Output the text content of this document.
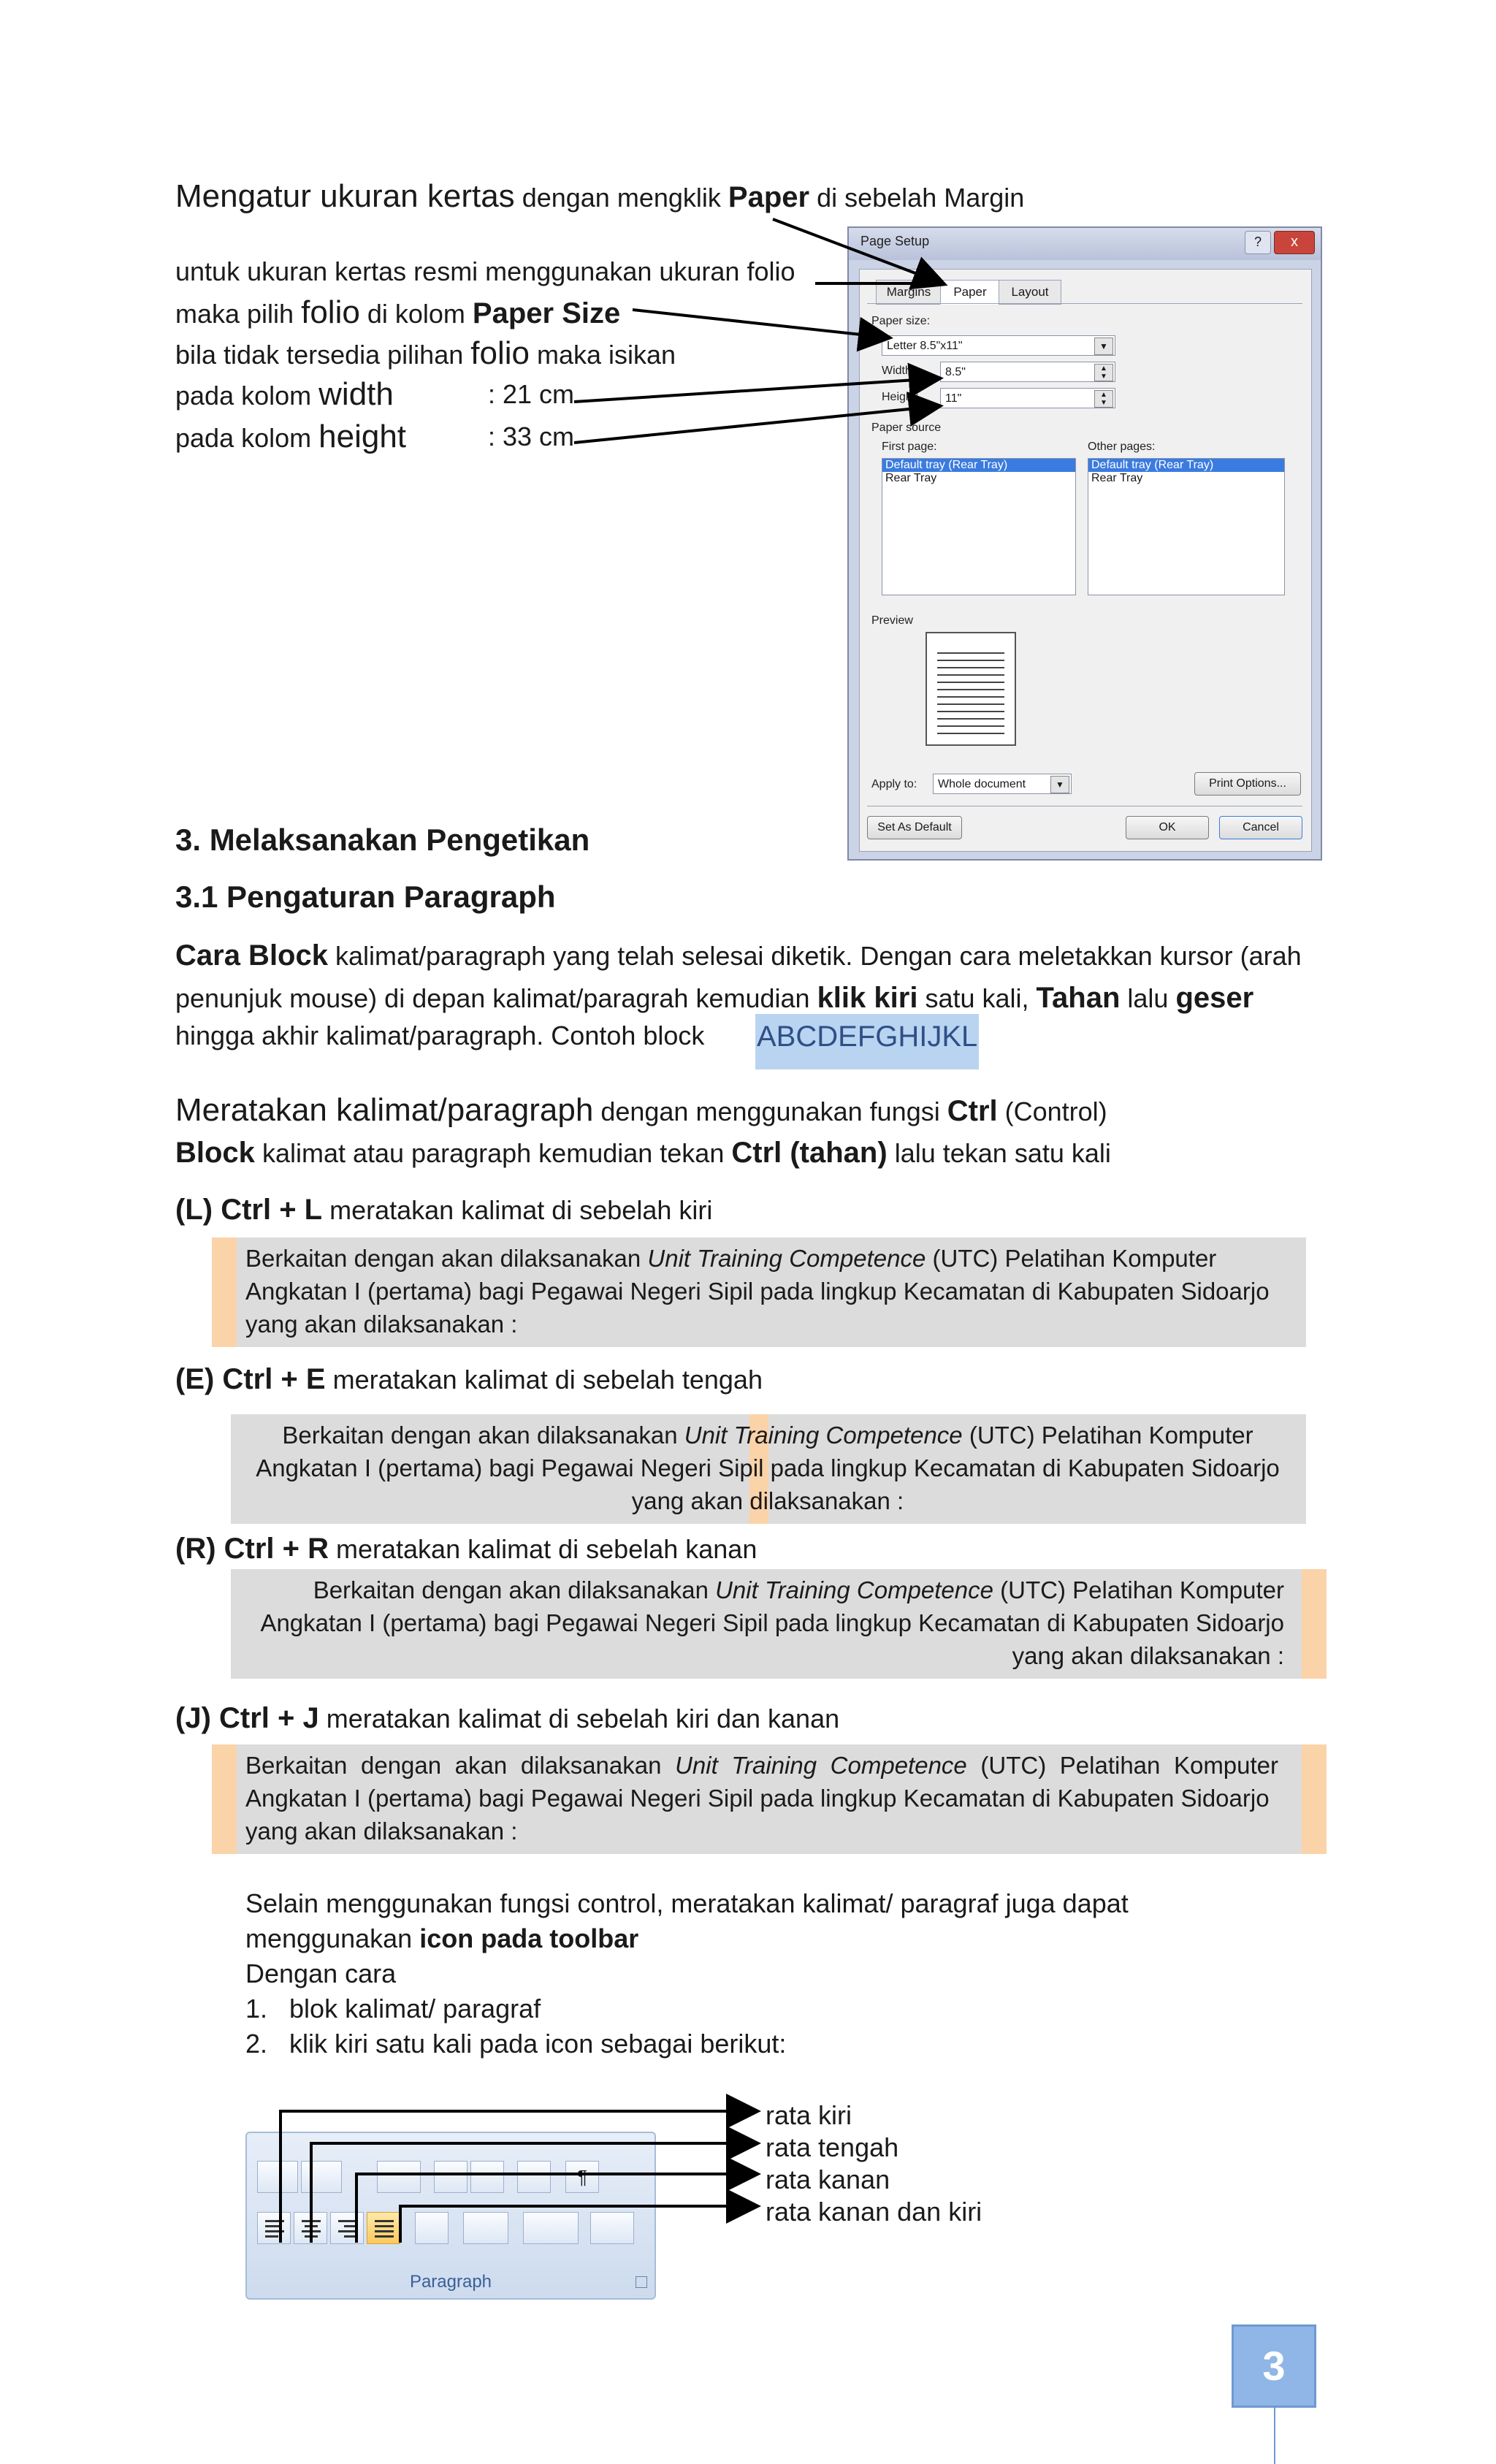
Mengatur ukuran kertas dengan mengklik Paper di sebelah Margin
untuk ukuran kertas resmi menggunakan ukuran folio
maka pilih folio di kolom Paper Size
bila tidak tersedia pilihan folio maka isikan
pada kolom width	: 21 cm
pada kolom height	: 33 cm
Page Setup	?	x
Margins	Paper	Layout
Paper size:
Letter 8.5"x11"	▼
Width:	8.5"	▲
▼
Height:	11"	▲
▼
Paper source
First page:	Other pages:
Default tray (Rear Tray)
Rear Tray
Default tray (Rear Tray)
Rear Tray
Preview
Apply to:	Whole document	▼	Print Options...
Set As Default	OK	Cancel
3. Melaksanakan Pengetikan
3.1 Pengaturan Paragraph
Cara Block kalimat/paragraph yang telah selesai diketik. Dengan cara meletakkan kursor (arah
penunjuk mouse) di depan kalimat/paragrah kemudian klik kiri satu kali, Tahan lalu geser
hingga akhir kalimat/paragraph. Contoh block ABCDEFGHIJKL
Meratakan kalimat/paragraph dengan menggunakan fungsi Ctrl (Control)
Block kalimat atau paragraph kemudian tekan Ctrl (tahan) lalu tekan satu kali
(L) Ctrl + L meratakan kalimat di sebelah kiri
Berkaitan dengan akan dilaksanakan Unit Training Competence (UTC) Pelatihan Komputer
Angkatan I (pertama) bagi Pegawai Negeri Sipil pada lingkup Kecamatan di Kabupaten Sidoarjo
yang akan dilaksanakan :
(E) Ctrl + E meratakan kalimat di sebelah tengah
Berkaitan dengan akan dilaksanakan Unit Training Competence (UTC) Pelatihan Komputer
Angkatan I (pertama) bagi Pegawai Negeri Sipil pada lingkup Kecamatan di Kabupaten Sidoarjo
yang akan dilaksanakan :
(R) Ctrl + R meratakan kalimat di sebelah kanan
Berkaitan dengan akan dilaksanakan Unit Training Competence (UTC) Pelatihan Komputer
Angkatan I (pertama) bagi Pegawai Negeri Sipil pada lingkup Kecamatan di Kabupaten Sidoarjo
yang akan dilaksanakan :
(J) Ctrl + J meratakan kalimat di sebelah kiri dan kanan
Berkaitan dengan akan dilaksanakan Unit Training Competence (UTC) Pelatihan Komputer
Angkatan I (pertama) bagi Pegawai Negeri Sipil pada lingkup Kecamatan di Kabupaten Sidoarjo
yang akan dilaksanakan :
Selain menggunakan fungsi control, meratakan kalimat/ paragraf juga dapat
menggunakan icon pada toolbar
Dengan cara
1.   blok kalimat/ paragraf
2.   klik kiri satu kali pada icon sebagai berikut:
¶
Paragraph
rata kiri
rata tengah
rata kanan
rata kanan dan kiri
3
